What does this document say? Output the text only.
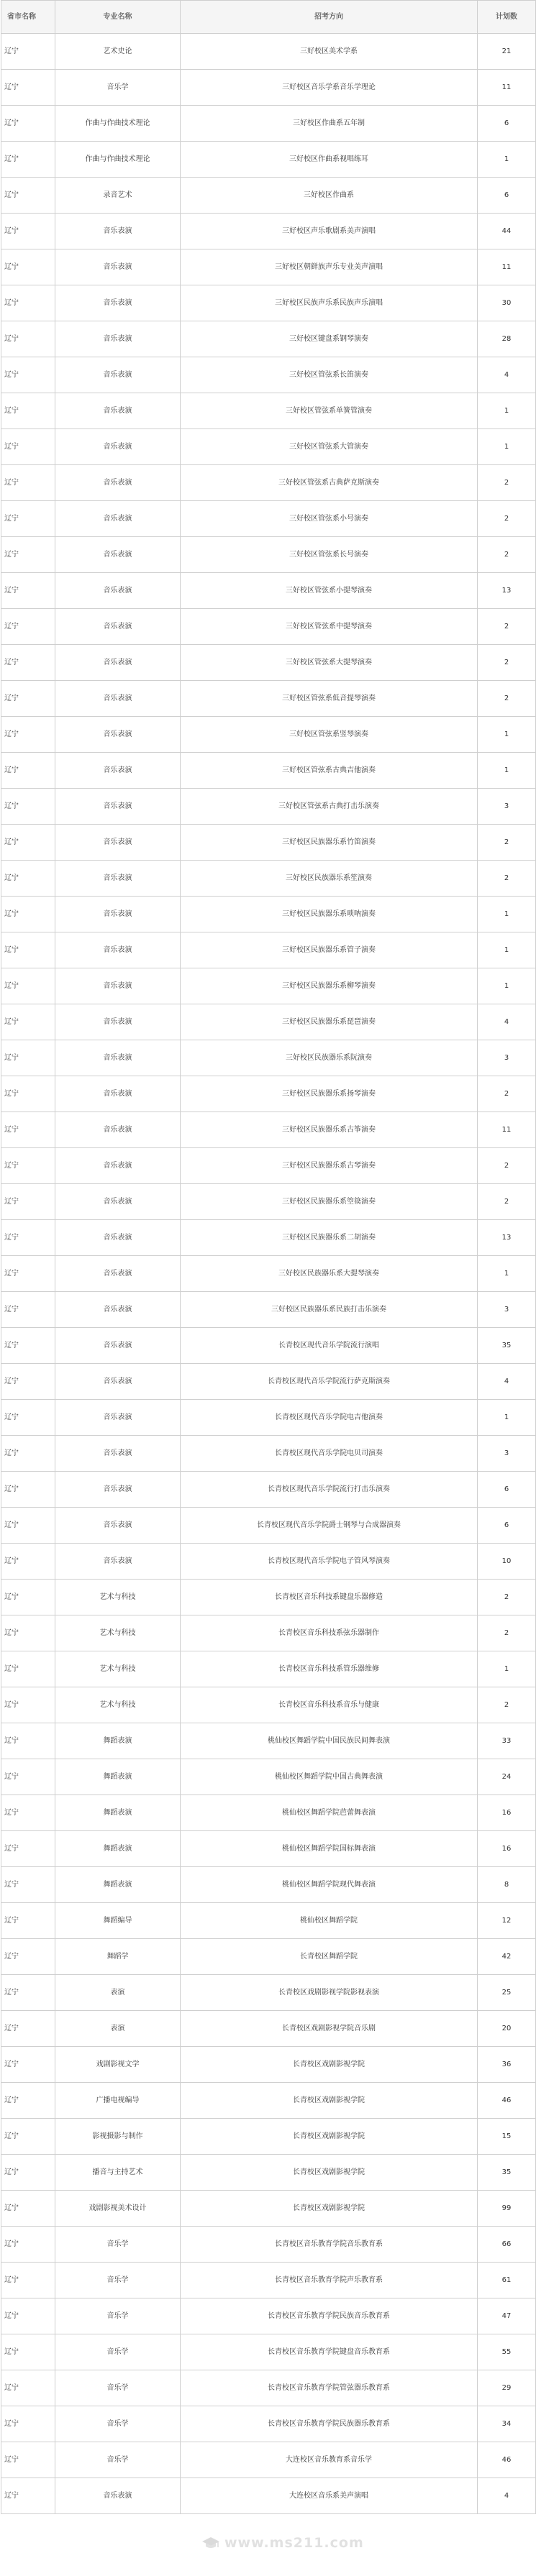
省市名称	专业名称	招考方向	计划数
辽宁	艺术史论	三好校区美术学系	21
辽宁	音乐学	三好校区音乐学系音乐学理论	11
辽宁	作曲与作曲技术理论	三好校区作曲系五年制	6
辽宁	作曲与作曲技术理论	三好校区作曲系视唱练耳	1
辽宁	录音艺术	三好校区作曲系	6
辽宁	音乐表演	三好校区声乐歌剧系美声演唱	44
辽宁	音乐表演	三好校区朝鲜族声乐专业美声演唱	11
辽宁	音乐表演	三好校区民族声乐系民族声乐演唱	30
辽宁	音乐表演	三好校区键盘系钢琴演奏	28
辽宁	音乐表演	三好校区管弦系长笛演奏	4
辽宁	音乐表演	三好校区管弦系单簧管演奏	1
辽宁	音乐表演	三好校区管弦系大管演奏	1
辽宁	音乐表演	三好校区管弦系古典萨克斯演奏	2
辽宁	音乐表演	三好校区管弦系小号演奏	2
辽宁	音乐表演	三好校区管弦系长号演奏	2
辽宁	音乐表演	三好校区管弦系小提琴演奏	13
辽宁	音乐表演	三好校区管弦系中提琴演奏	2
辽宁	音乐表演	三好校区管弦系大提琴演奏	2
辽宁	音乐表演	三好校区管弦系低音提琴演奏	2
辽宁	音乐表演	三好校区管弦系竖琴演奏	1
辽宁	音乐表演	三好校区管弦系古典吉他演奏	1
辽宁	音乐表演	三好校区管弦系古典打击乐演奏	3
辽宁	音乐表演	三好校区民族器乐系竹笛演奏	2
辽宁	音乐表演	三好校区民族器乐系笙演奏	2
辽宁	音乐表演	三好校区民族器乐系唢呐演奏	1
辽宁	音乐表演	三好校区民族器乐系管子演奏	1
辽宁	音乐表演	三好校区民族器乐系柳琴演奏	1
辽宁	音乐表演	三好校区民族器乐系琵琶演奏	4
辽宁	音乐表演	三好校区民族器乐系阮演奏	3
辽宁	音乐表演	三好校区民族器乐系扬琴演奏	2
辽宁	音乐表演	三好校区民族器乐系古筝演奏	11
辽宁	音乐表演	三好校区民族器乐系古琴演奏	2
辽宁	音乐表演	三好校区民族器乐系箜篌演奏	2
辽宁	音乐表演	三好校区民族器乐系二胡演奏	13
辽宁	音乐表演	三好校区民族器乐系大提琴演奏	1
辽宁	音乐表演	三好校区民族器乐系民族打击乐演奏	3
辽宁	音乐表演	长青校区现代音乐学院流行演唱	35
辽宁	音乐表演	长青校区现代音乐学院流行萨克斯演奏	4
辽宁	音乐表演	长青校区现代音乐学院电吉他演奏	1
辽宁	音乐表演	长青校区现代音乐学院电贝司演奏	3
辽宁	音乐表演	长青校区现代音乐学院流行打击乐演奏	6
辽宁	音乐表演	长青校区现代音乐学院爵士钢琴与合成器演奏	6
辽宁	音乐表演	长青校区现代音乐学院电子管风琴演奏	10
辽宁	艺术与科技	长青校区音乐科技系键盘乐器修造	2
辽宁	艺术与科技	长青校区音乐科技系弦乐器制作	2
辽宁	艺术与科技	长青校区音乐科技系管乐器维修	1
辽宁	艺术与科技	长青校区音乐科技系音乐与健康	2
辽宁	舞蹈表演	桃仙校区舞蹈学院中国民族民间舞表演	33
辽宁	舞蹈表演	桃仙校区舞蹈学院中国古典舞表演	24
辽宁	舞蹈表演	桃仙校区舞蹈学院芭蕾舞表演	16
辽宁	舞蹈表演	桃仙校区舞蹈学院国标舞表演	16
辽宁	舞蹈表演	桃仙校区舞蹈学院现代舞表演	8
辽宁	舞蹈编导	桃仙校区舞蹈学院	12
辽宁	舞蹈学	长青校区舞蹈学院	42
辽宁	表演	长青校区戏剧影视学院影视表演	25
辽宁	表演	长青校区戏剧影视学院音乐剧	20
辽宁	戏剧影视文学	长青校区戏剧影视学院	36
辽宁	广播电视编导	长青校区戏剧影视学院	46
辽宁	影视摄影与制作	长青校区戏剧影视学院	15
辽宁	播音与主持艺术	长青校区戏剧影视学院	35
辽宁	戏剧影视美术设计	长青校区戏剧影视学院	99
辽宁	音乐学	长青校区音乐教育学院音乐教育系	66
辽宁	音乐学	长青校区音乐教育学院声乐教育系	61
辽宁	音乐学	长青校区音乐教育学院民族音乐教育系	47
辽宁	音乐学	长青校区音乐教育学院键盘音乐教育系	55
辽宁	音乐学	长青校区音乐教育学院管弦器乐教育系	29
辽宁	音乐学	长青校区音乐教育学院民族器乐教育系	34
辽宁	音乐学	大连校区音乐教育系音乐学	46
辽宁	音乐表演	大连校区音乐系美声演唱	4
www.ms211.com
